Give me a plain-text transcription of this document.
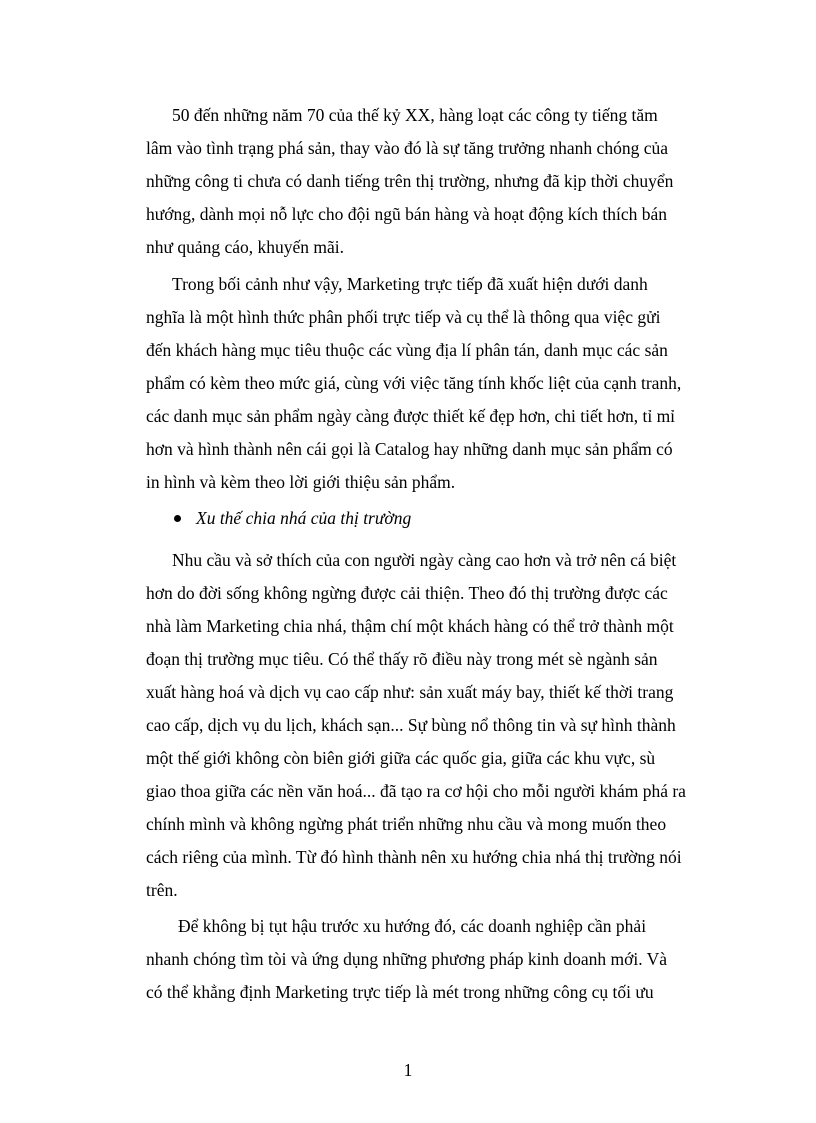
50 đến những năm 70 của thế kỷ XX, hàng loạt các công ty tiếng tăm
lâm vào tình trạng phá sản, thay vào đó là sự tăng trưởng nhanh chóng của
những công ti chưa có danh tiếng trên thị trường, nhưng đã kịp thời chuyển
hướng, dành mọi nỗ lực cho đội ngũ bán hàng và hoạt động kích thích bán
như quảng cáo, khuyến mãi.
Trong bối cảnh như vậy, Marketing trực tiếp đã xuất hiện dưới danh
nghĩa là một hình thức phân phối trực tiếp và cụ thể là thông qua việc gửi
đến khách hàng mục tiêu thuộc các vùng địa lí phân tán, danh mục các sản
phẩm có kèm theo mức giá, cùng với việc tăng tính khốc liệt của cạnh tranh,
các danh mục sản phẩm ngày càng được thiết kế đẹp hơn, chi tiết hơn, tỉ mỉ
hơn và hình thành nên cái gọi là Catalog hay những danh mục sản phẩm có
in hình và kèm theo lời giới thiệu sản phẩm.
Xu thế chia nhá của thị trường
Nhu cầu và sở thích của con người ngày càng cao hơn và trở nên cá biệt
hơn do đời sống không ngừng được cải thiện. Theo đó thị trường được các
nhà làm Marketing chia nhá, thậm chí một khách hàng có thể trở thành một
đoạn thị trường mục tiêu. Có thể thấy rõ điều này trong mét sè ngành sản
xuất hàng hoá và dịch vụ cao cấp như: sản xuất máy bay, thiết kế thời trang
cao cấp, dịch vụ du lịch, khách sạn... Sự bùng nổ thông tin và sự hình thành
một thế giới không còn biên giới giữa các quốc gia, giữa các khu vực, sù
giao thoa giữa các nền văn hoá... đã tạo ra cơ hội cho mỗi người khám phá ra
chính mình và không ngừng phát triển những nhu cầu và mong muốn theo
cách riêng của mình. Từ đó hình thành nên xu hướng chia nhá thị trường nói
trên.
Để không bị tụt hậu trước xu hướng đó, các doanh nghiệp cần phải
nhanh chóng tìm tòi và ứng dụng những phương pháp kinh doanh mới. Và
có thể khẳng định Marketing trực tiếp là mét trong những công cụ tối ưu
1
